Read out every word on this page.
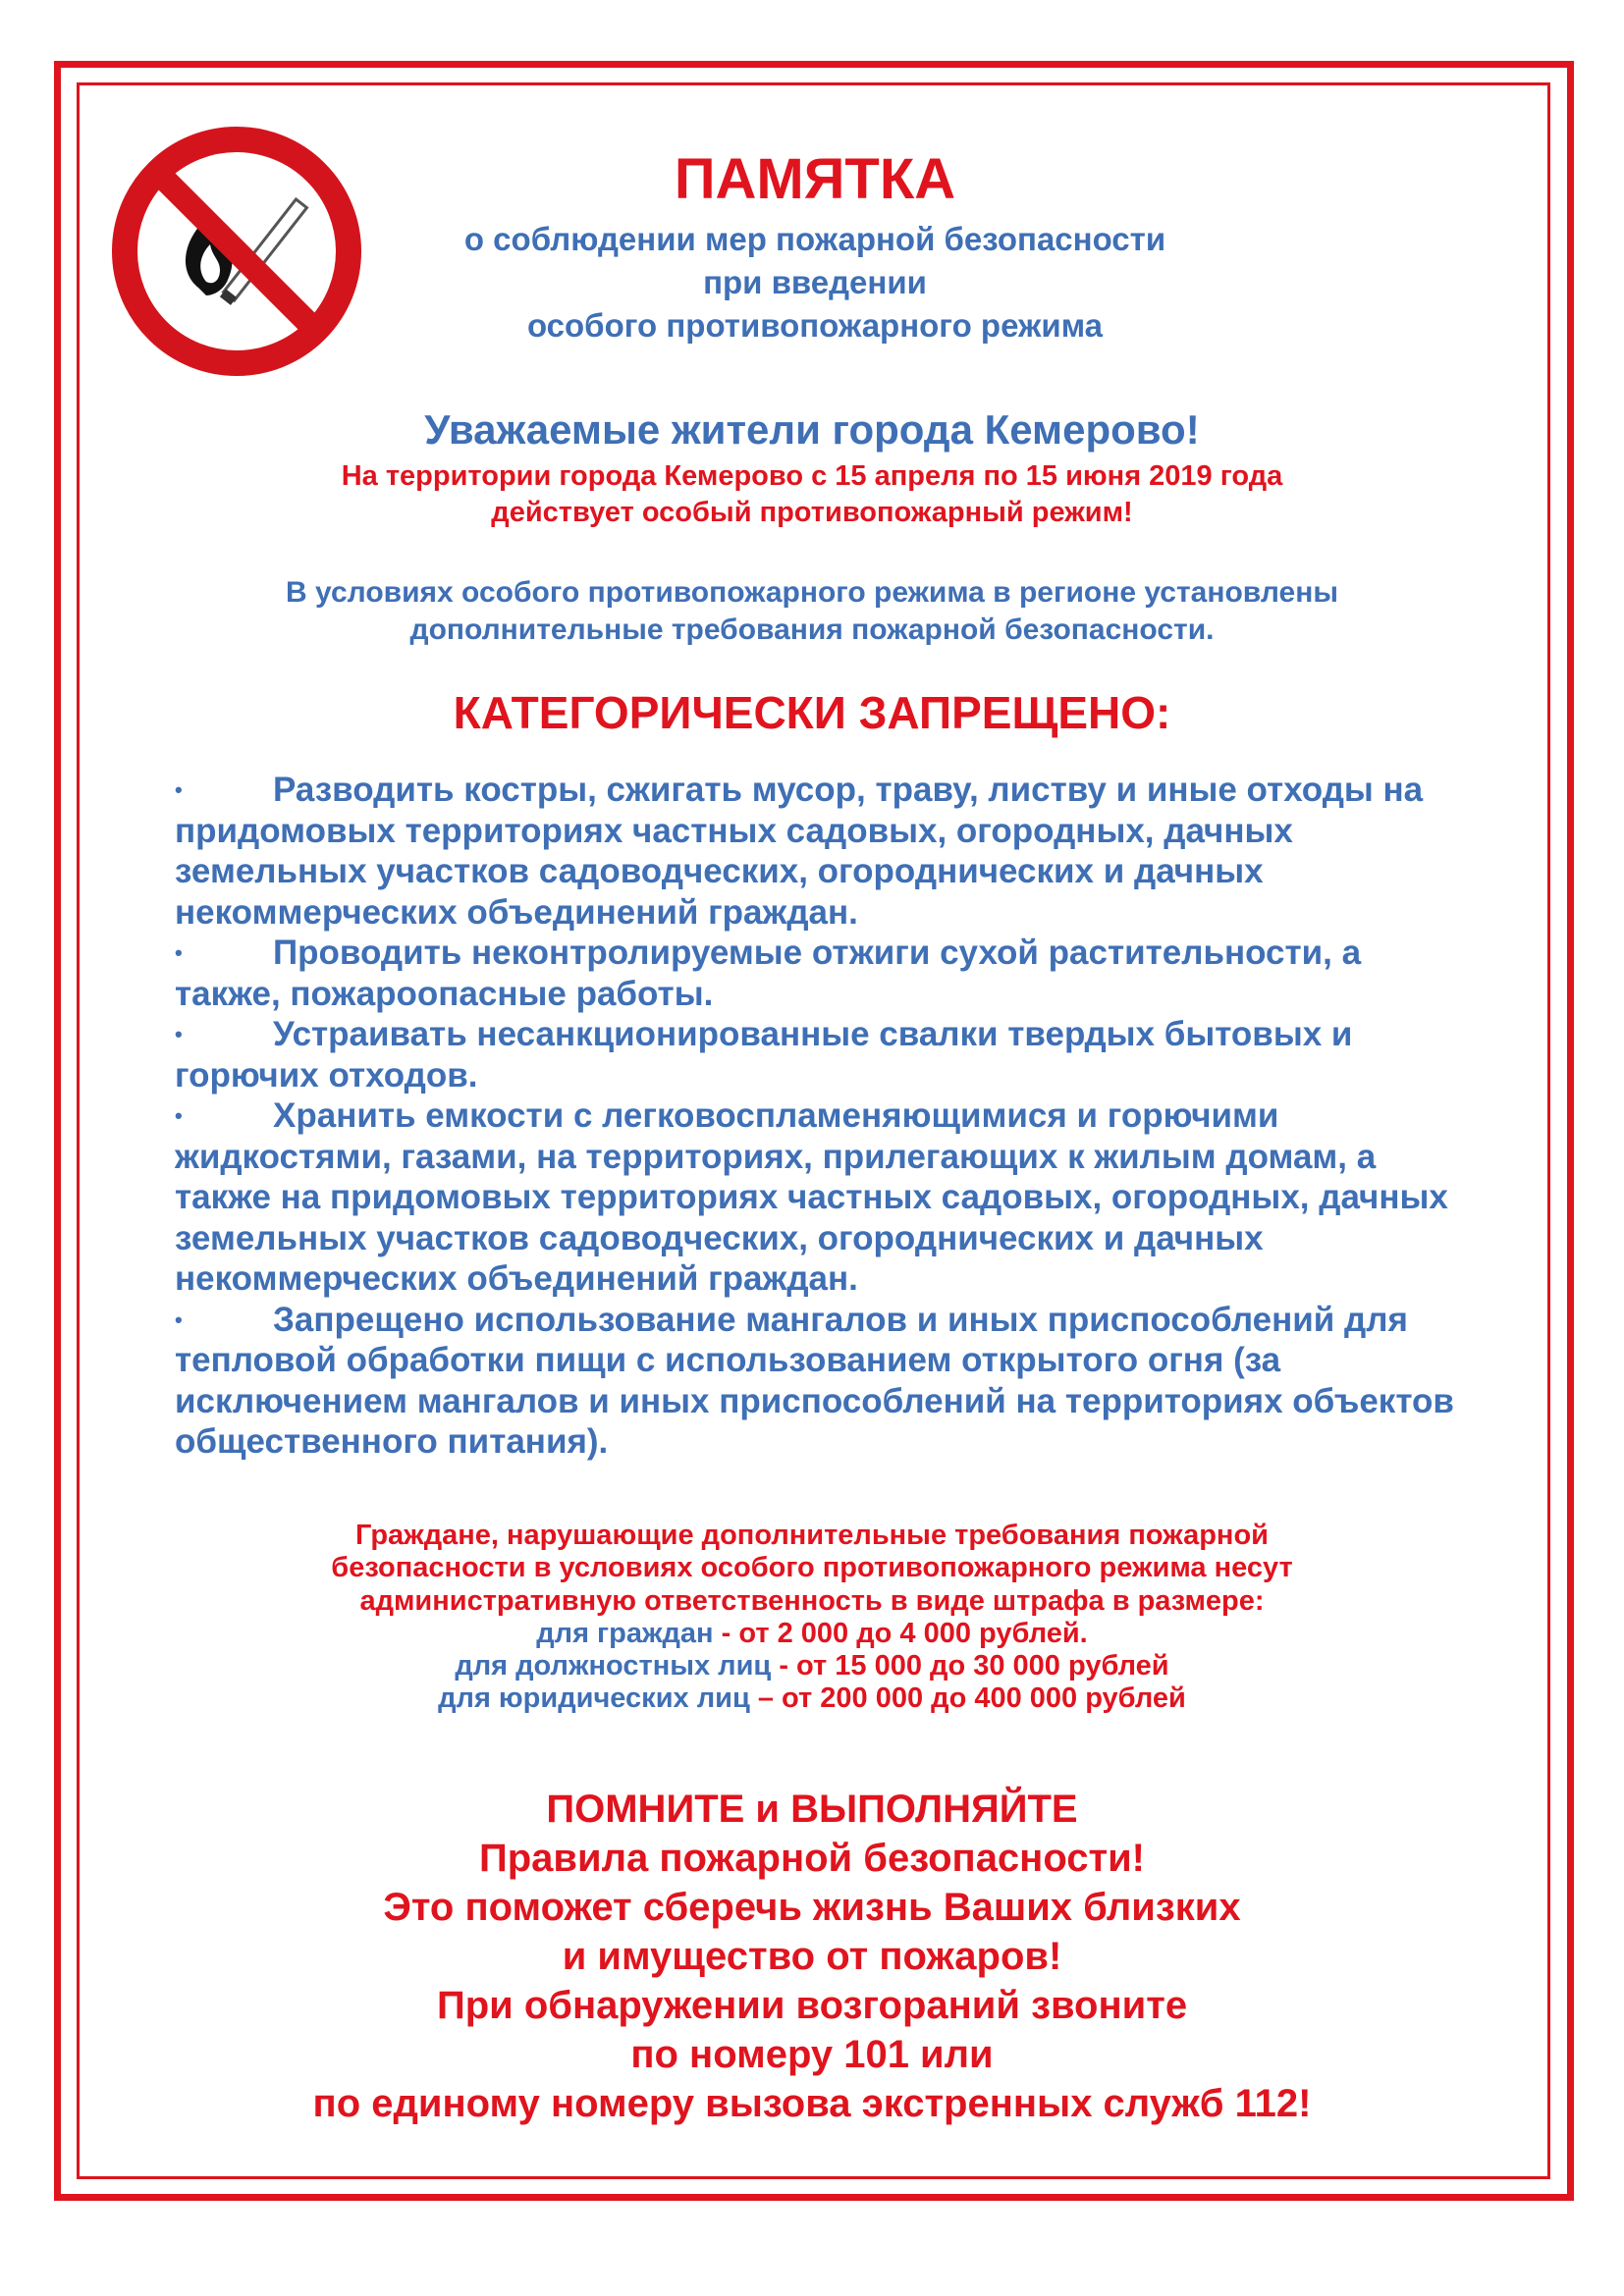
ПАМЯТКА
о соблюдении мер пожарной безопасности
при введении
особого противопожарного режима
Уважаемые жители города Кемерово!
На территории города Кемерово с 15 апреля по 15 июня 2019 года
действует особый противопожарный режим!
В условиях особого противопожарного режима в регионе установлены
дополнительные требования пожарной безопасности.
КАТЕГОРИЧЕСКИ ЗАПРЕЩЕНО:
•	Разводить костры, сжигать мусор, траву, листву и иные отходы на придомовых территориях частных садовых, огородных, дачных земельных участков садоводческих, огороднических и дачных некоммерческих объединений граждан.
•	Проводить неконтролируемые отжиги сухой растительности, а также, пожароопасные работы.
•	Устраивать несанкционированные свалки твердых бытовых и горючих отходов.
•	Хранить емкости с легковоспламеняющимися и горючими жидкостями, газами, на территориях, прилегающих к жилым домам, а также на придомовых территориях частных садовых, огородных, дачных земельных участков садоводческих, огороднических и дачных некоммерческих объединений граждан.
•	Запрещено использование мангалов и иных приспособлений для тепловой обработки пищи с использованием открытого огня (за исключением мангалов и иных приспособлений на территориях объектов общественного питания).
Граждане, нарушающие дополнительные требования пожарной
безопасности в условиях особого противопожарного режима несут
административную ответственность в виде штрафа в размере:
для граждан - от 2 000 до 4 000 рублей.
для должностных лиц - от 15 000 до 30 000 рублей
для юридических лиц – от 200 000 до 400 000 рублей
ПОМНИТЕ и ВЫПОЛНЯЙТЕ
Правила пожарной безопасности!
Это поможет сберечь жизнь Ваших близких
и имущество от пожаров!
При обнаружении возгораний звоните
по номеру 101 или
по единому номеру вызова экстренных служб 112!
